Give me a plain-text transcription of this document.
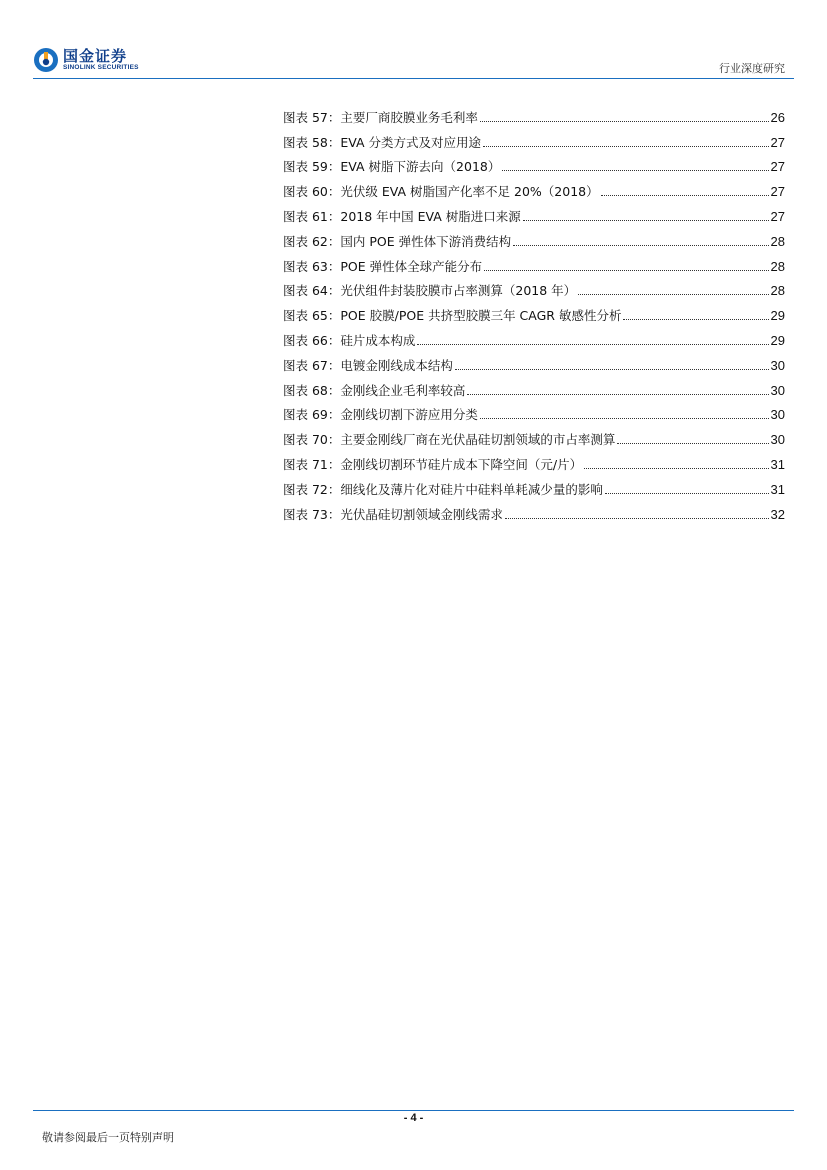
国金证券
SINOLINK SECURITIES	行业深度研究
图表 57：主要厂商胶膜业务毛利率	26
图表 58：EVA 分类方式及对应用途	27
图表 59：EVA 树脂下游去向（2018）	27
图表 60：光伏级 EVA 树脂国产化率不足 20%（2018）	27
图表 61：2018 年中国 EVA 树脂进口来源	27
图表 62：国内 POE 弹性体下游消费结构	28
图表 63：POE 弹性体全球产能分布	28
图表 64：光伏组件封装胶膜市占率测算（2018 年）	28
图表 65：POE 胶膜/POE 共挤型胶膜三年 CAGR 敏感性分析	29
图表 66：硅片成本构成	29
图表 67：电镀金刚线成本结构	30
图表 68：金刚线企业毛利率较高	30
图表 69：金刚线切割下游应用分类	30
图表 70：主要金刚线厂商在光伏晶硅切割领域的市占率测算	30
图表 71：金刚线切割环节硅片成本下降空间（元/片）	31
图表 72：细线化及薄片化对硅片中硅料单耗减少量的影响	31
图表 73：光伏晶硅切割领域金刚线需求	32
- 4 -
敬请参阅最后一页特别声明
